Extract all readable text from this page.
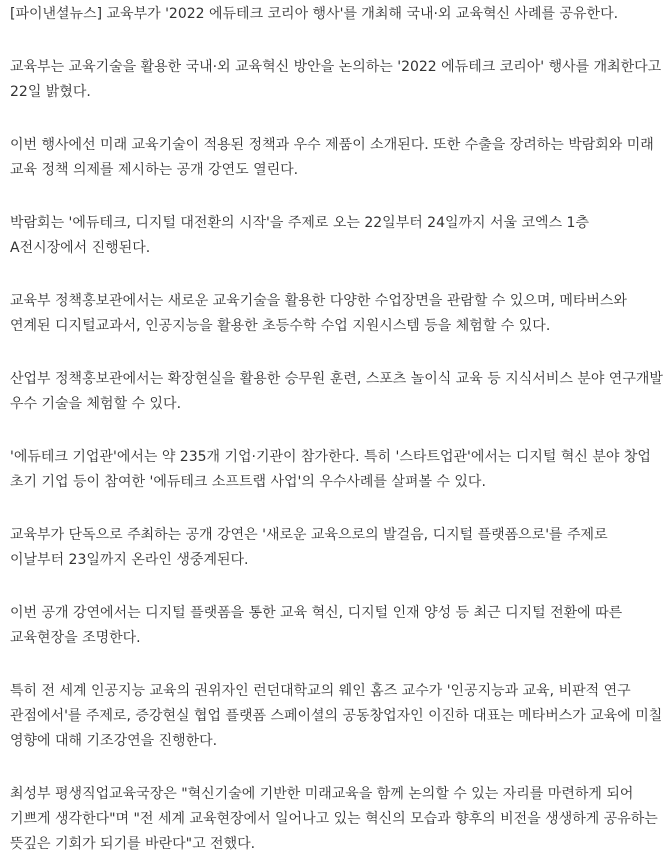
[파이낸셜뉴스] 교육부가 '2022 에듀테크 코리아 행사'를 개최해 국내·외 교육혁신 사례를 공유한다.

교육부는 교육기술을 활용한 국내·외 교육혁신 방안을 논의하는 '2022 에듀테크 코리아' 행사를 개최한다고 22일 밝혔다.

이번 행사에선 미래 교육기술이 적용된 정책과 우수 제품이 소개된다. 또한 수출을 장려하는 박람회와 미래 교육 정책 의제를 제시하는 공개 강연도 열린다.

박람회는 '에듀테크, 디지털 대전환의 시작'을 주제로 오는 22일부터 24일까지 서울 코엑스 1층 A전시장에서 진행된다.

교육부 정책홍보관에서는 새로운 교육기술을 활용한 다양한 수업장면을 관람할 수 있으며, 메타버스와 연계된 디지털교과서, 인공지능을 활용한 초등수학 수업 지원시스템 등을 체험할 수 있다.

산업부 정책홍보관에서는 확장현실을 활용한 승무원 훈련, 스포츠 놀이식 교육 등 지식서비스 분야 연구개발 우수 기술을 체험할 수 있다.

'에듀테크 기업관'에서는 약 235개 기업·기관이 참가한다. 특히 '스타트업관'에서는 디지털 혁신 분야 창업 초기 기업 등이 참여한 '에듀테크 소프트랩 사업'의 우수사례를 살펴볼 수 있다.

교육부가 단독으로 주최하는 공개 강연은 '새로운 교육으로의 발걸음, 디지털 플랫폼으로'를 주제로 이날부터 23일까지 온라인 생중계된다.

이번 공개 강연에서는 디지털 플랫폼을 통한 교육 혁신, 디지털 인재 양성 등 최근 디지털 전환에 따른 교육현장을 조명한다.

특히 전 세계 인공지능 교육의 권위자인 런던대학교의 웨인 홈즈 교수가 '인공지능과 교육, 비판적 연구 관점에서'를 주제로, 증강현실 협업 플랫폼 스페이셜의 공동창업자인 이진하 대표는 메타버스가 교육에 미칠 영향에 대해 기조강연을 진행한다.

최성부 평생직업교육국장은 "혁신기술에 기반한 미래교육을 함께 논의할 수 있는 자리를 마련하게 되어 기쁘게 생각한다"며 "전 세계 교육현장에서 일어나고 있는 혁신의 모습과 향후의 비전을 생생하게 공유하는 뜻깊은 기회가 되기를 바란다"고 전했다.
